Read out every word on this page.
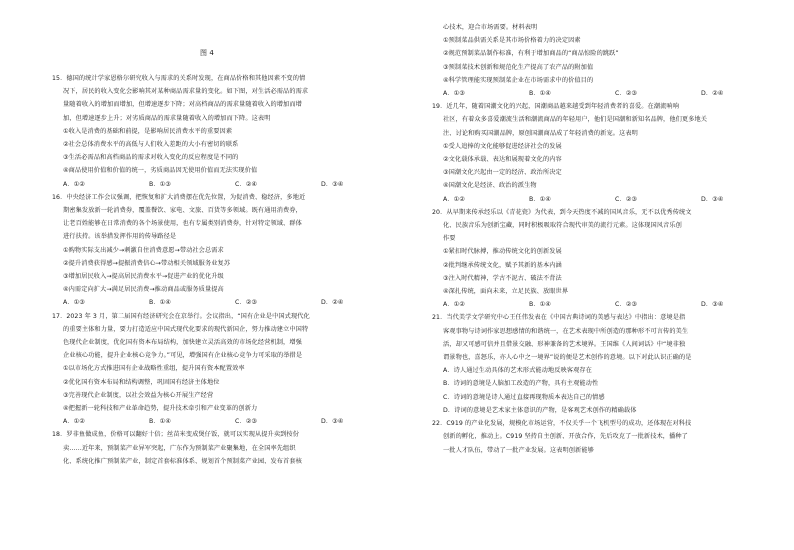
图 4
15．德国的统计学家恩格尔研究收入与需求的关系时发现，在商品价格和其他因素不变的情
况下，居民的收入变化会影响其对某种商品需求量的变化。如下图，对生活必需品的需求
量随着收入的增加而增加，但增速逐步下降；对高档商品的需求量随着收入的增加而增
加，但增速逐步上升；对劣质商品的需求量随着收入的增加而下降。这表明
①收入是消费的基础和前提，是影响居民消费水平的重要因素
②社会总体消费水平的高低与人们收入差距的大小有密切的联系
③生活必需品和高档商品的需求对收入变化的反应程度是不同的
④商品使用价值和价值的统一，劣质商品因无使用价值而无法实现价值
A．①②	B．①③	C．②④	D．③④
16．中央经济工作会议强调，把恢复和扩大消费摆在优先位置，为促消费、稳经济，多地近
期密集发放新一轮消费券，覆盖餐饮、家电、文旅、百货等多领域。既有通用消费券，
让老百姓能够在日常消费的各个场景使用，也有专属类别消费券，针对特定领域、群体
进行扶持。该举措发挥作用的传导路径是
①购物实际支出减少→刺激自住消费意愿→带动社会总需求
②提升消费获得感→提振消费信心→带动相关领域服务业复苏
③增加居民收入→提高居民消费水平→促进产业的优化升级
④内需定向扩大→满足居民消费→推动商品或服务质量提高
A．①③	B．①④	C．②③	D．②④
17．2023 年 3 月，第二届国有经济研究会在京举行。会议指出，“国有企业是中国式现代化
的重要主体和力量，要力打造适应中国式现代化要求的现代新国企，努力推动建立中国特
色现代企业制度，优化国有资本布局结构，加快建立灵活高效的市场化经营机制，增强
企业核心功能，提升企业核心竞争力。”可见，增强国有企业核心竞争力可采取的举措是
①以市场化方式推进国有企业战略性重组，提升国有资本配置效率
②优化国有资本布局和结构调整，巩固国有经济主体地位
③完善现代企业制度，以社会效益为核心开展生产经营
④把握新一轮科技和产业革命趋势，提升技术牵引和产业变革的创新力
A．①②	B．①④	C．②③	D．③④
18．罗非鱼做成鱼，价格可以翻好十倍；丝苗米变成煲仔饭，就可以实现从提升卖到按份
卖……近年来，预制菜产业异军突起，广东作为预制菜产业聚集地，在全国率先组织
化、系统化推广预制菜产业，制定首套标准体系、规划首个预制菜产业园、发布首套核
心技术，迎合市场需要。材料表明
①预制菜品供需关系是其市场价格着力的决定因素
②规范预制菜品制作标准，有利于增加商品的“商品惊险的跳跃”
③预制菜技术创新和规范化生产提高了农产品的附加值
④科学管理能实现预制菜企业在市场需求中的价值目的
A．①③	B．①④	C．②③	D．②④
19．近几年，随着国潮文化的兴起，国潮商品越来越受到年轻消费者的喜爱。在潮流响响
社区，有着众多喜爱潮流生活和潮流商品的年轻用户，他们是国潮和新知名品牌，他们更多地关
注、讨论和购买国潮品牌，原创国潮商品成了年轻消费的新宠。这表明
①受人追捧的文化能够促进经济社会的发展
②文化载体承载、表达和展现着文化的内容
③国潮文化兴起由一定的经济、政治所决定
④国潮文化是经济、政治的派生物
A．①②	B．①④	C．②③	D．③④
20．从早期来传承经乐以《青花瓷》为代表，到今天热度不减的国风音乐，无不以优秀传统文
化、民族音乐为创新宝藏，同时积极吸取符合现代审美的流行元素。这体现国风音乐创
作要
①紧扣时代脉搏，推动传统文化的创新发展
②批判继承传统文化，赋予其新的基本内涵
③注入时代精神，学古不泥古、破法不背法
④深扎传统，面向未来，立足民族、放眼世界
A．①②	B．①④	C．②③	D．③④
21．当代美学文学研究中心王任伟发表在《中国古典诗词的美感与表达》中指出：意境是指
客观事物与诗词作家思想感情的和谐统一，在艺术表现中所创造的那种形不可言传的美生
活，却又可感可信并且借景交融、形神兼备的艺术境界。王国维《人间词话》中“境非独
谓景物也，喜怒乐，亦人心中之一境界”说的便是艺术创作的意境。以下对此认识正确的是
A．诗人通过生动具体的艺术形式能动地反映客观存在
B．诗词的意境是人脑加工改造的产物，具有主观能动性
C．诗词的意境是诗人通过直接再现物质本表达自己的情感
D．诗词的意境是艺术家主体意识的产物，是客观艺术创作的精确载体
22．C919 的产业化发展，规模化市场运营，不仅关乎一个飞机型号的成功，还体现在对科技
创新的孵化，推动上。C919 坚持自主创新、开放合作，先后攻克了一批新技术，播种了
一批人才队伍，带动了一批产业发展。这表明创新能够
